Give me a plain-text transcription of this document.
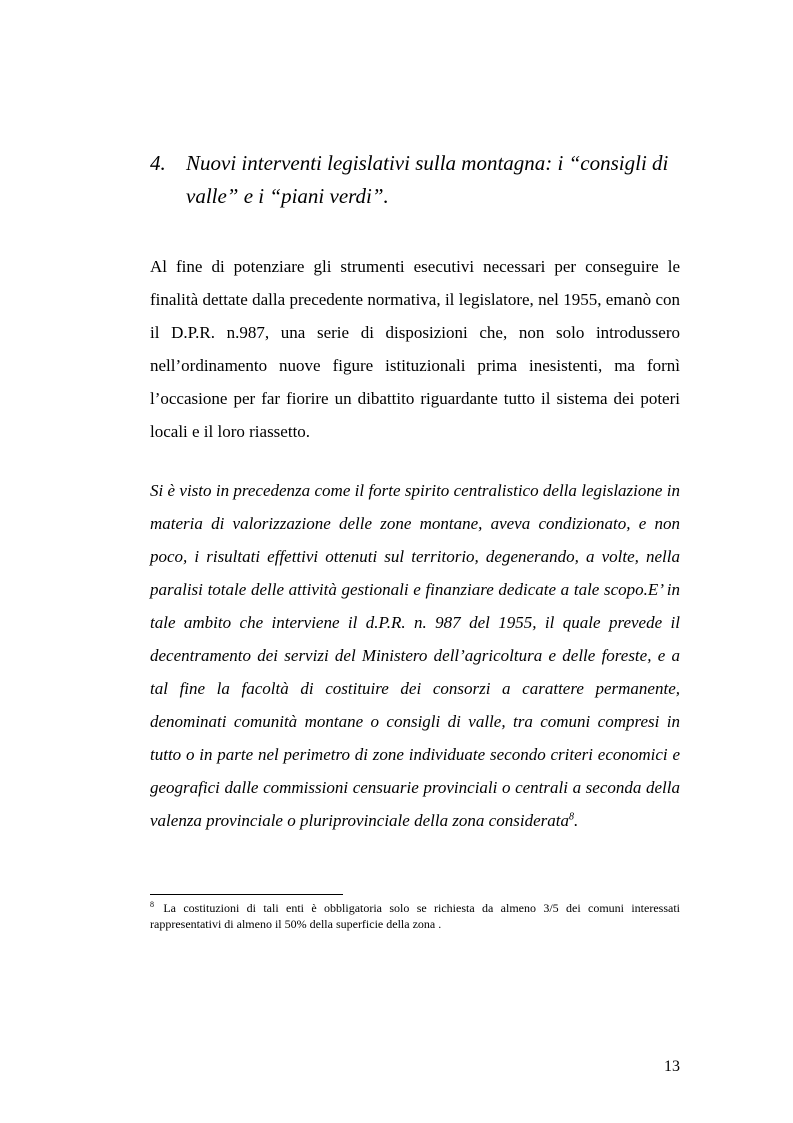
4. Nuovi interventi legislativi sulla montagna: i “consigli di valle” e i “piani verdi”.

Al fine di potenziare gli strumenti esecutivi necessari per conseguire le finalità dettate dalla precedente normativa, il legislatore, nel 1955, emanò con il D.P.R. n.987, una serie di disposizioni che, non solo introdussero nell’ordinamento nuove figure istituzionali prima inesistenti, ma fornì l’occasione per far fiorire un dibattito riguardante tutto il sistema dei poteri locali e il loro riassetto.

Si è visto in precedenza come il forte spirito centralistico della legislazione in materia di valorizzazione delle zone montane, aveva condizionato, e non poco, i risultati effettivi ottenuti sul territorio, degenerando, a volte, nella paralisi totale delle attività gestionali e finanziare dedicate a tale scopo.E’ in tale ambito che interviene il d.P.R. n. 987 del 1955, il quale prevede il decentramento dei servizi del Ministero dell’agricoltura e delle foreste, e a tal fine la facoltà di costituire dei consorzi a carattere permanente, denominati comunità montane o consigli di valle, tra comuni compresi in tutto o in parte nel perimetro di zone individuate secondo criteri economici e geografici dalle commissioni censuarie provinciali o centrali a seconda della valenza provinciale o pluriprovinciale della zona considerata$^8$.

$^8$ La costituzioni di tali enti è obbligatoria solo se richiesta da almeno 3/5 dei comuni interessati rappresentativi di almeno il 50% della superficie della zona .

13
